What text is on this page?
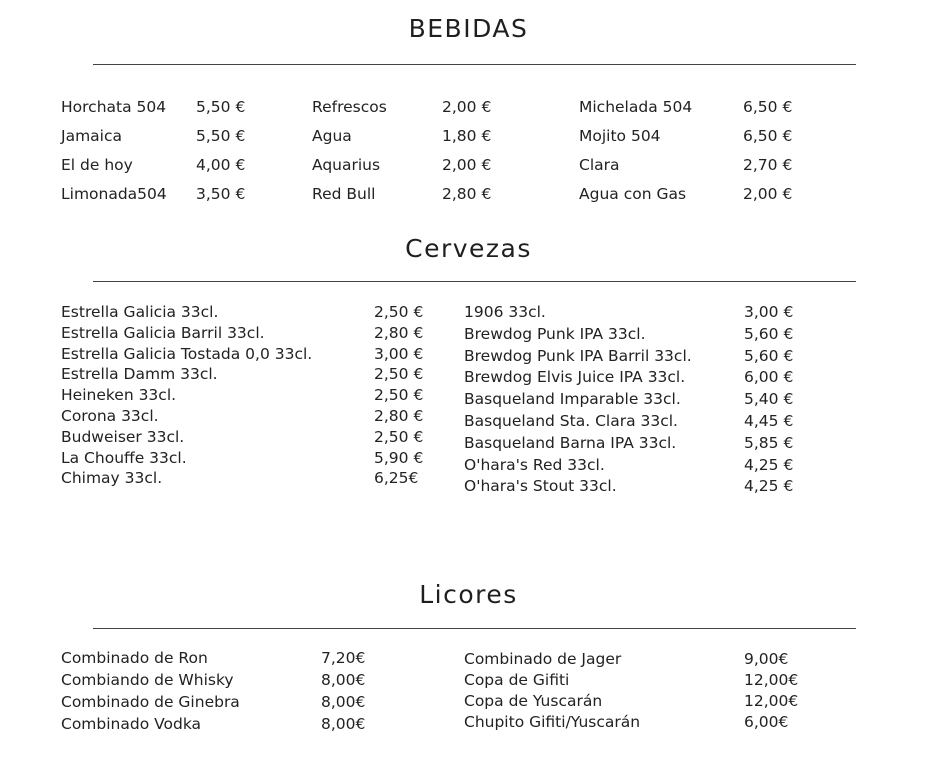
BEBIDAS
Horchata 504 5,50 €
Jamaica	5,50 €
El de hoy	4,00 €
Limonada504 3,50 €
Refrescos	2,00 €
Agua	1,80 €
Aquarius	2,00 €
Red Bull	2,80 €
Michelada 504	6,50 €
Mojito 504	6,50 €
Clara	2,70 €
Agua con Gas	2,00 €
Cervezas
Estrella Galicia 33cl.	2,50 €
Estrella Galicia Barril 33cl.	2,80 €
Estrella Galicia Tostada 0,0 33cl.	3,00 €
Estrella Damm 33cl.	2,50 €
Heineken 33cl.	2,50 €
Corona 33cl.	2,80 €
Budweiser 33cl.	2,50 €
La Chouffe 33cl.	5,90 €
Chimay 33cl.	6,25€
1906 33cl.	3,00 €
Brewdog Punk IPA 33cl.	5,60 €
Brewdog Punk IPA Barril 33cl.	5,60 €
Brewdog Elvis Juice IPA 33cl.	6,00 €
Basqueland Imparable 33cl.	5,40 €
Basqueland Sta. Clara 33cl.	4,45 €
Basqueland Barna IPA 33cl.	5,85 €
O'hara's Red 33cl.	4,25 €
O'hara's Stout 33cl.	4,25 €
Licores
Combinado de Ron	7,20€
Combiando de Whisky	8,00€
Combinado de Ginebra	8,00€
Combinado Vodka	8,00€
Combinado de Jager	9,00€
Copa de Gifiti	12,00€
Copa de Yuscarán	12,00€
Chupito Gifiti/Yuscarán	6,00€
